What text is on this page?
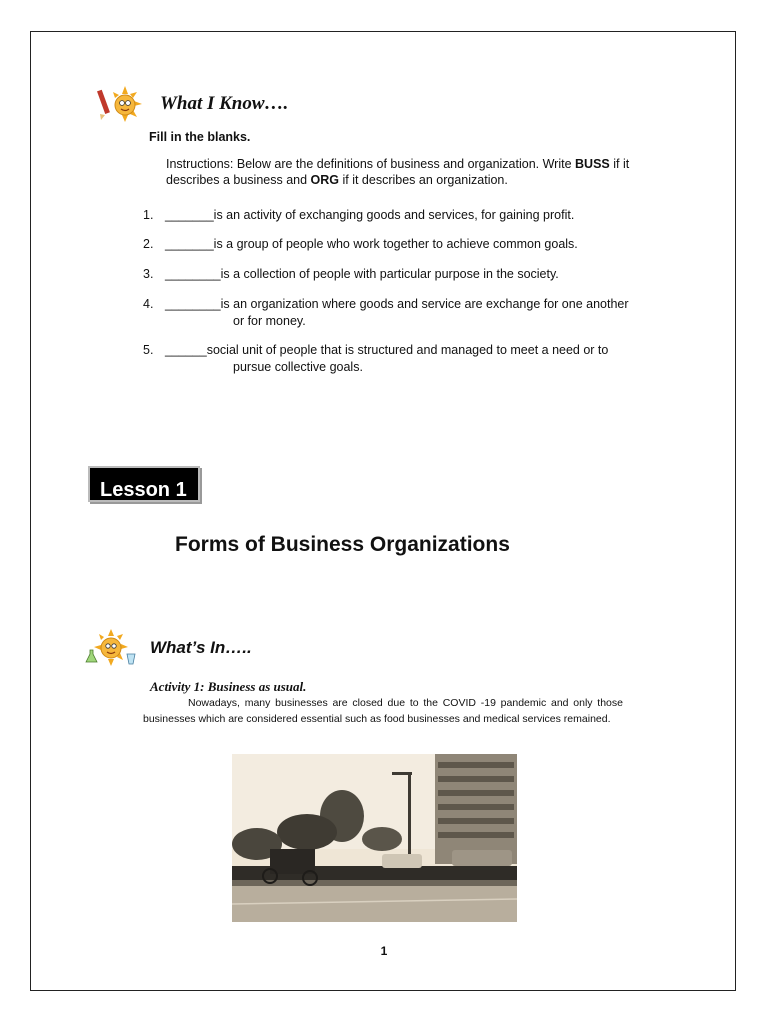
What I Know….
Fill in the blanks.
Instructions: Below are the definitions of business and organization. Write BUSS if it describes a business and ORG if it describes an organization.
1. _______is an activity of exchanging goods and services, for gaining profit.
2. _______is a group of people who work together to achieve common goals.
3. ________is a collection of people with particular purpose in the society.
4. ________is an organization where goods and service are exchange for one another
or for money.
5. ______social unit of people that is structured and managed to meet a need or to
pursue collective goals.
Lesson 1
Forms of Business Organizations
What’s In…..
Activity 1: Business as usual.
Nowadays, many businesses are closed due to the COVID -19 pandemic and only those businesses which are considered essential such as food businesses and medical services remained.
1
